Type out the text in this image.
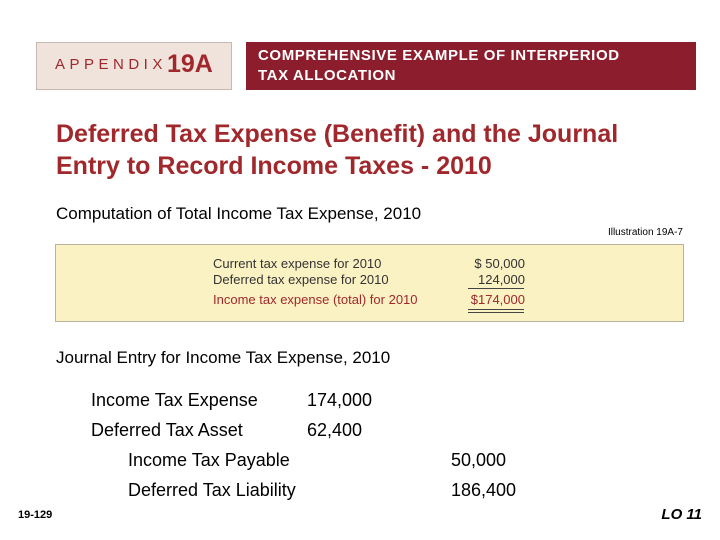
APPENDIX 19A	COMPREHENSIVE EXAMPLE OF INTERPERIOD
TAX ALLOCATION
Deferred Tax Expense (Benefit) and the Journal
Entry to Record Income Taxes - 2010
Computation of Total Income Tax Expense, 2010
Illustration 19A-7
Current tax expense for 2010	$ 50,000
Deferred tax expense for 2010	124,000
Income tax expense (total) for 2010	$174,000
Journal Entry for Income Tax Expense, 2010
Income Tax Expense	174,000
Deferred Tax Asset	62,400
Income Tax Payable	50,000
Deferred Tax Liability	186,400
19-129	LO 11
